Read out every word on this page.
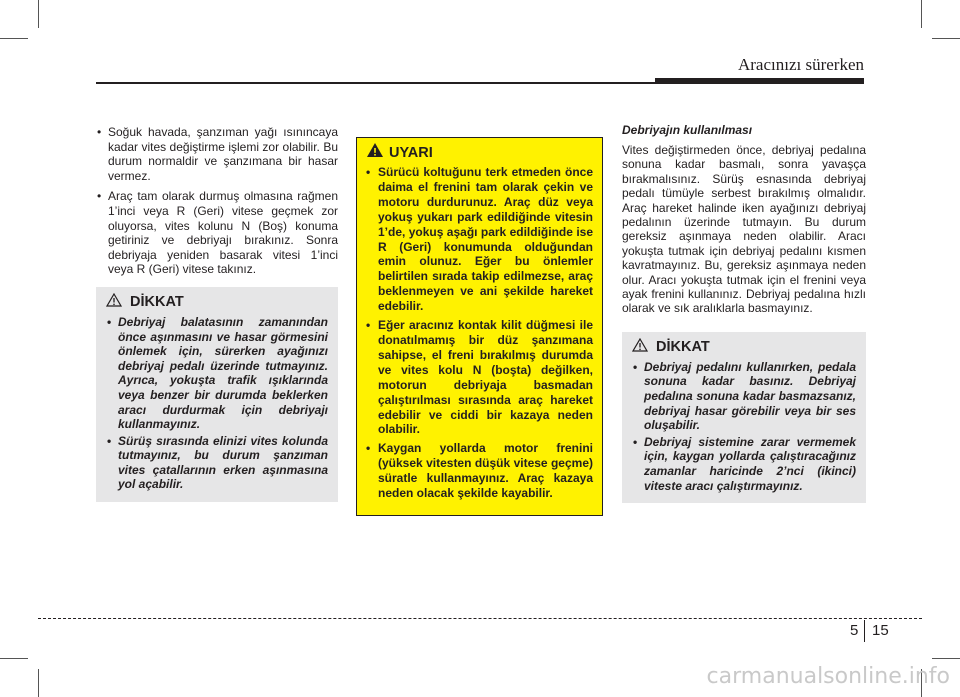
Aracınızı sürerken
• Soğuk havada, şanzıman yağı ısınıncaya kadar vites değiştirme işlemi zor olabilir. Bu durum normaldir ve şanzımana bir hasar vermez.
• Araç tam olarak durmuş olmasına rağmen 1’inci veya R (Geri) vitese geçmek zor oluyorsa, vites kolunu N (Boş) konuma getiriniz ve debriyajı bırakınız. Sonra debriyaja yeniden basarak vitesi 1’inci veya R (Geri) vitese takınız.
DİKKAT
• Debriyaj balatasının zamanından önce aşınmasını ve hasar görmesini önlemek için, sürerken ayağınızı debriyaj pedalı üzerinde tutmayınız. Ayrıca, yokuşta trafik ışıklarında veya benzer bir durumda beklerken aracı durdurmak için debriyajı kullanmayınız.
• Sürüş sırasında elinizi vites kolunda tutmayınız, bu durum şanzıman vites çatallarının erken aşınmasına yol açabilir.
UYARI
• Sürücü koltuğunu terk etmeden önce daima el frenini tam olarak çekin ve motoru durdurunuz. Araç düz veya yokuş yukarı park edildiğinde vitesin 1’de, yokuş aşağı park edildiğinde ise R (Geri) konumunda olduğundan emin olunuz. Eğer bu önlemler belirtilen sırada takip edilmezse, araç beklenmeyen ve ani şekilde hareket edebilir.
• Eğer aracınız kontak kilit düğmesi ile donatılmamış bir düz şanzımana sahipse, el freni bırakılmış durumda ve vites kolu N (boşta) değilken, motorun debriyaja basmadan çalıştırılması sırasında araç hareket edebilir ve ciddi bir kazaya neden olabilir.
• Kaygan yollarda motor frenini (yüksek vitesten düşük vitese geçme) süratle kullanmayınız. Araç kazaya neden olacak şekilde kayabilir.
Debriyajın kullanılması

Vites değiştirmeden önce, debriyaj pedalına sonuna kadar basmalı, sonra yavaşça bırakmalısınız. Sürüş esnasında debriyaj pedalı tümüyle serbest bırakılmış olmalıdır. Araç hareket halinde iken ayağınızı debriyaj pedalının üzerinde tutmayın. Bu durum gereksiz aşınmaya neden olabilir. Aracı yokuşta tutmak için debriyaj pedalını kısmen kavratmayınız. Bu, gereksiz aşınmaya neden olur. Aracı yokuşta tutmak için el frenini veya ayak frenini kullanınız. Debriyaj pedalına hızlı olarak ve sık aralıklarla basmayınız.

DİKKAT
• Debriyaj pedalını kullanırken, pedala sonuna kadar basınız. Debriyaj pedalına sonuna kadar basmazsanız, debriyaj hasar görebilir veya bir ses oluşabilir.
• Debriyaj sistemine zarar vermemek için, kaygan yollarda çalıştıracağınız zamanlar haricinde 2’nci (ikinci) viteste aracı çalıştırmayınız.
5 15
carmanualsonline.info
